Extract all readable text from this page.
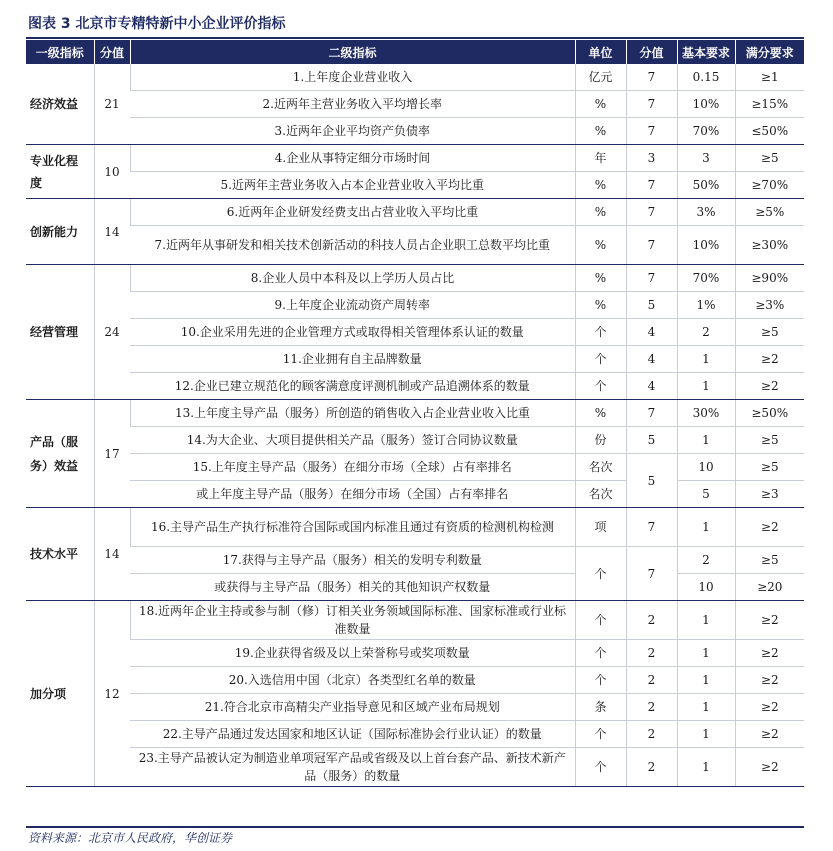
图表 3 北京市专精特新中小企业评价指标
一级指标	分值	二级指标	单位	分值	基本要求	满分要求
经济效益	21	1.上年度企业营业收入	亿元	7	0.15	≥1
		2.近两年主营业务收入平均增长率	%	7	10%	≥15%
		3.近两年企业平均资产负债率	%	7	70%	≤50%
专业化程度	10	4.企业从事特定细分市场时间	年	3	3	≥5
		5.近两年主营业务收入占本企业营业收入平均比重	%	7	50%	≥70%
创新能力	14	6.近两年企业研发经费支出占营业收入平均比重	%	7	3%	≥5%
		7.近两年从事研发和相关技术创新活动的科技人员占企业职工总数平均比重	%	7	10%	≥30%
经营管理	24	8.企业人员中本科及以上学历人员占比	%	7	70%	≥90%
		9.上年度企业流动资产周转率	%	5	1%	≥3%
		10.企业采用先进的企业管理方式或取得相关管理体系认证的数量	个	4	2	≥5
		11.企业拥有自主品牌数量	个	4	1	≥2
		12.企业已建立规范化的顾客满意度评测机制或产品追溯体系的数量	个	4	1	≥2
产品（服务）效益	17	13.上年度主导产品（服务）所创造的销售收入占企业营业收入比重	%	7	30%	≥50%
		14.为大企业、大项目提供相关产品（服务）签订合同协议数量	份	5	1	≥5
		15.上年度主导产品（服务）在细分市场（全球）占有率排名	名次	5	10	≥5
		或上年度主导产品（服务）在细分市场（全国）占有率排名	名次		5	≥3
技术水平	14	16.主导产品生产执行标准符合国际或国内标准且通过有资质的检测机构检测	项	7	1	≥2
		17.获得与主导产品（服务）相关的发明专利数量	个	7	2	≥5
		或获得与主导产品（服务）相关的其他知识产权数量			10	≥20
加分项	12	18.近两年企业主持或参与制（修）订相关业务领域国际标准、国家标准或行业标准数量	个	2	1	≥2
		19.企业获得省级及以上荣誉称号或奖项数量	个	2	1	≥2
		20.入选信用中国（北京）各类型红名单的数量	个	2	1	≥2
		21.符合北京市高精尖产业指导意见和区域产业布局规划	条	2	1	≥2
		22.主导产品通过发达国家和地区认证（国际标准协会行业认证）的数量	个	2	1	≥2
		23.主导产品被认定为制造业单项冠军产品或省级及以上首台套产品、新技术新产品（服务）的数量	个	2	1	≥2
资料来源：北京市人民政府，华创证券
